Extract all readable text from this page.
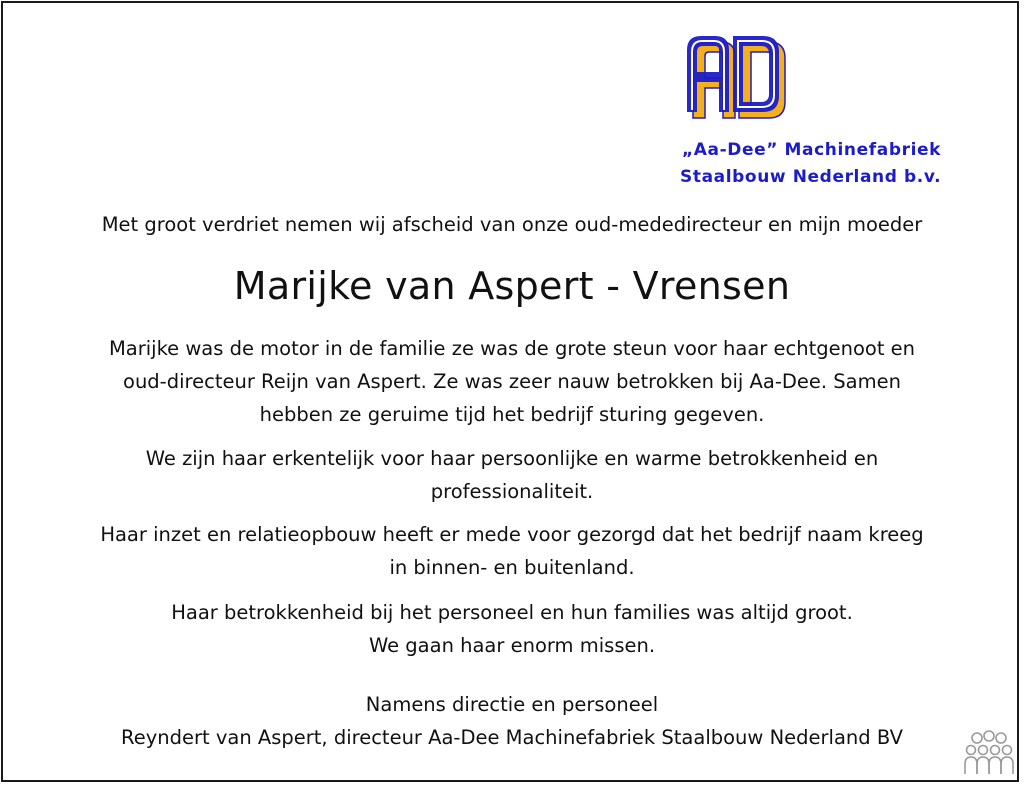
„Aa-Dee” Machinefabriek
Staalbouw Nederland b.v.
Met groot verdriet nemen wij afscheid van onze oud-mededirecteur en mijn moeder
Marijke van Aspert - Vrensen
Marijke was de motor in de familie ze was de grote steun voor haar echtgenoot en
oud-directeur Reijn van Aspert. Ze was zeer nauw betrokken bij Aa-Dee. Samen
hebben ze geruime tijd het bedrijf sturing gegeven.
We zijn haar erkentelijk voor haar persoonlijke en warme betrokkenheid en
professionaliteit.
Haar inzet en relatieopbouw heeft er mede voor gezorgd dat het bedrijf naam kreeg
in binnen- en buitenland.
Haar betrokkenheid bij het personeel en hun families was altijd groot.
We gaan haar enorm missen.
Namens directie en personeel
Reyndert van Aspert, directeur Aa-Dee Machinefabriek Staalbouw Nederland BV
